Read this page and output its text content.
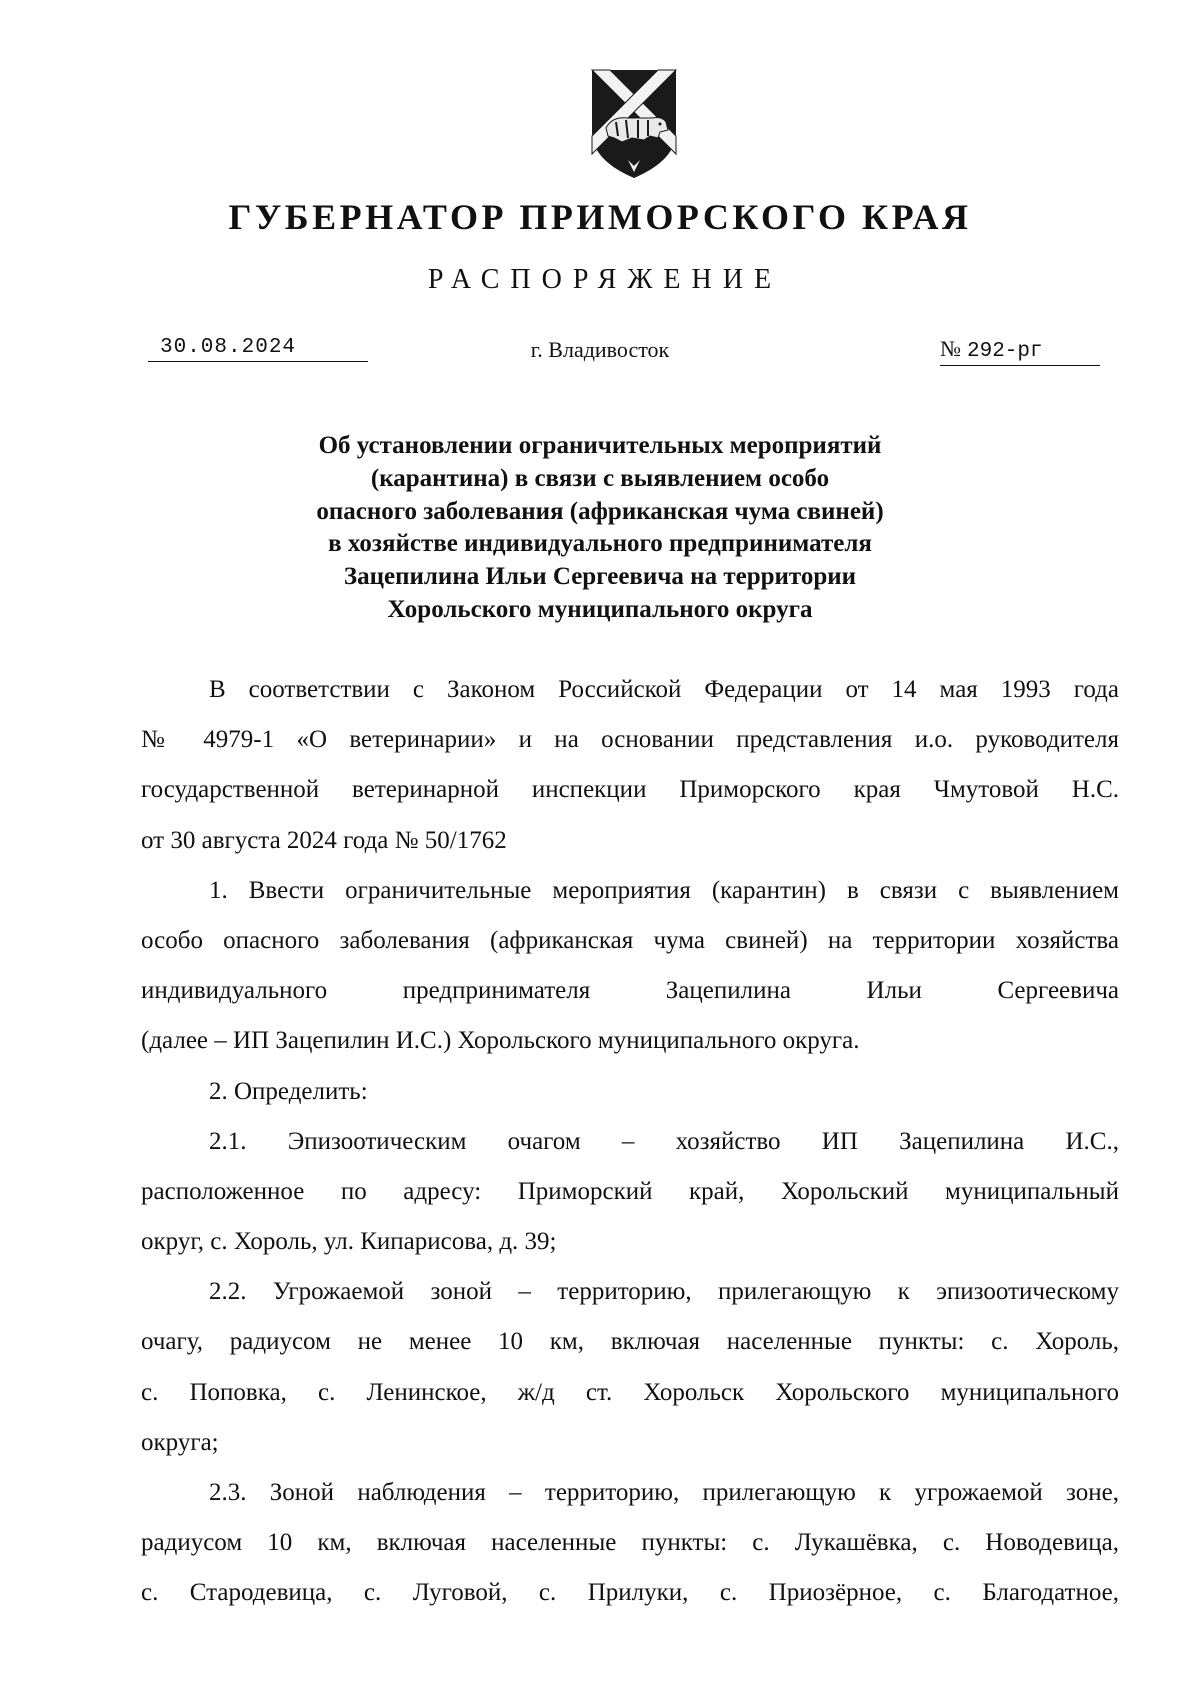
ГУБЕРНАТОР ПРИМОРСКОГО КРАЯ
РАСПОРЯЖЕНИЕ
30.08.2024	г. Владивосток	№ 292-рг
Об установлении ограничительных мероприятий
(карантина) в связи с выявлением особо
опасного заболевания (африканская чума свиней)
в хозяйстве индивидуального предпринимателя
Зацепилина Ильи Сергеевича на территории
Хорольского муниципального округа
В соответствии с Законом Российской Федерации от 14 мая 1993 года
№ 4979-1 «О ветеринарии» и на основании представления и.о. руководителя
государственной ветеринарной инспекции Приморского края Чмутовой Н.С.
от 30 августа 2024 года № 50/1762
1. Ввести ограничительные мероприятия (карантин) в связи с выявлением
особо опасного заболевания (африканская чума свиней) на территории хозяйства
индивидуального предпринимателя Зацепилина Ильи Сергеевича
(далее – ИП Зацепилин И.С.) Хорольского муниципального округа.
2. Определить:
2.1. Эпизоотическим очагом – хозяйство ИП Зацепилина И.С.,
расположенное по адресу: Приморский край, Хорольский муниципальный
округ, с. Хороль, ул. Кипарисова, д. 39;
2.2. Угрожаемой зоной – территорию, прилегающую к эпизоотическому
очагу, радиусом не менее 10 км, включая населенные пункты: с. Хороль,
с. Поповка, с. Ленинское, ж/д ст. Хорольск Хорольского муниципального
округа;
2.3. Зоной наблюдения – территорию, прилегающую к угрожаемой зоне,
радиусом 10 км, включая населенные пункты: с. Лукашёвка, с. Новодевица,
с. Стародевица, с. Луговой, с. Прилуки, с. Приозёрное, с. Благодатное,
